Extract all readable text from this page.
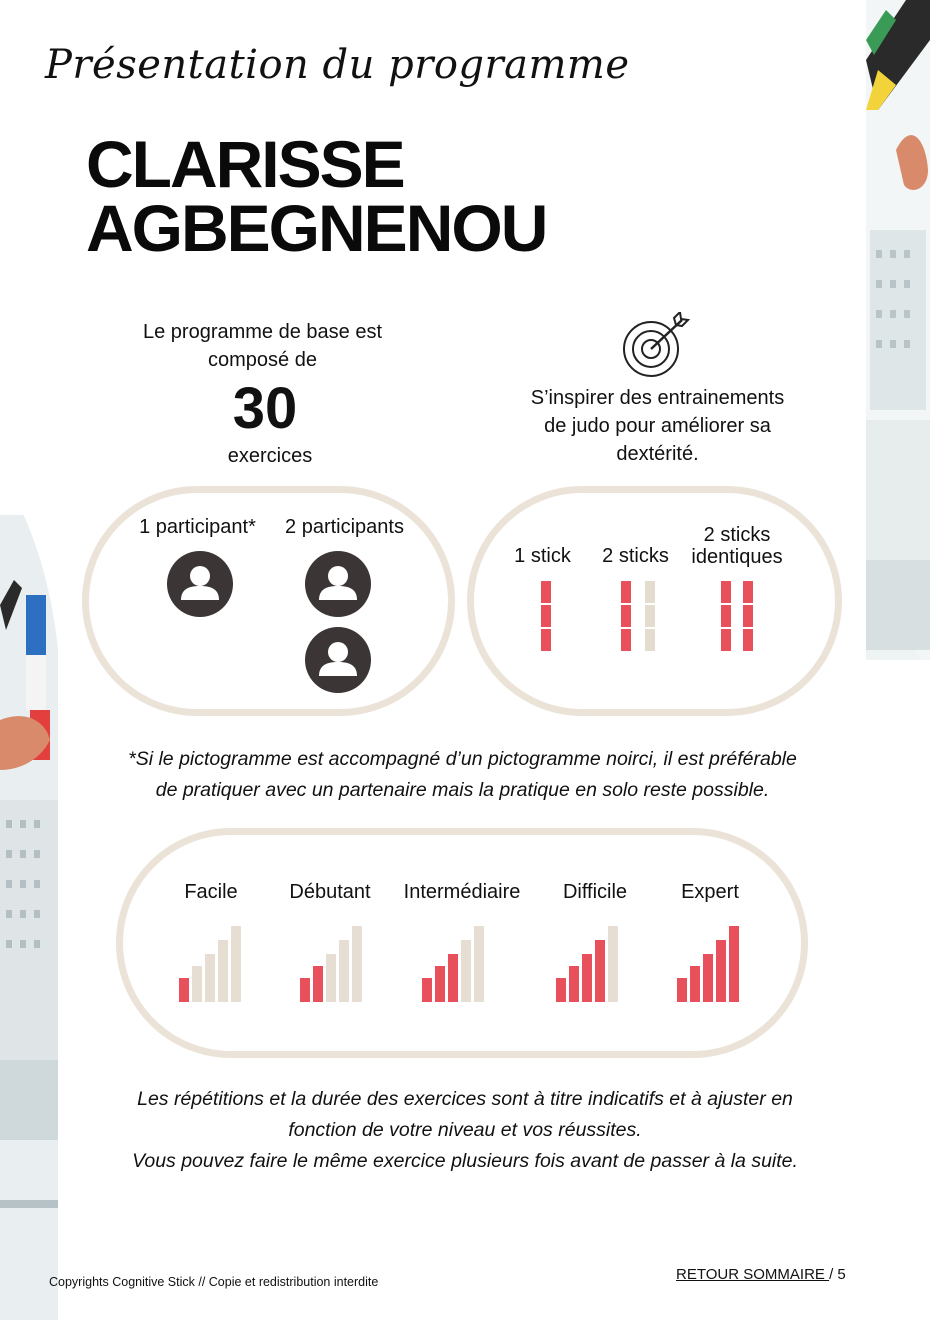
Présentation du programme
CLARISSE
AGBEGNENOU
Le programme de base est
composé de
30
exercices
S’inspirer des entrainements
de judo pour améliorer sa
dextérité.
1 participant*	2 participants
1 stick	2 sticks
2 sticks
identiques
*Si le pictogramme est accompagné d’un pictogramme noirci, il est préférable
de pratiquer avec un partenaire mais la pratique en solo reste possible.
Facile	Débutant	Intermédiaire	Difficile	Expert
Les répétitions et la durée des exercices sont à titre indicatifs et à ajuster en
fonction de votre niveau et vos réussites.
Vous pouvez faire le même exercice plusieurs fois avant de passer à la suite.
Copyrights Cognitive Stick // Copie et redistribution interdite	RETOUR SOMMAIRE / 5
